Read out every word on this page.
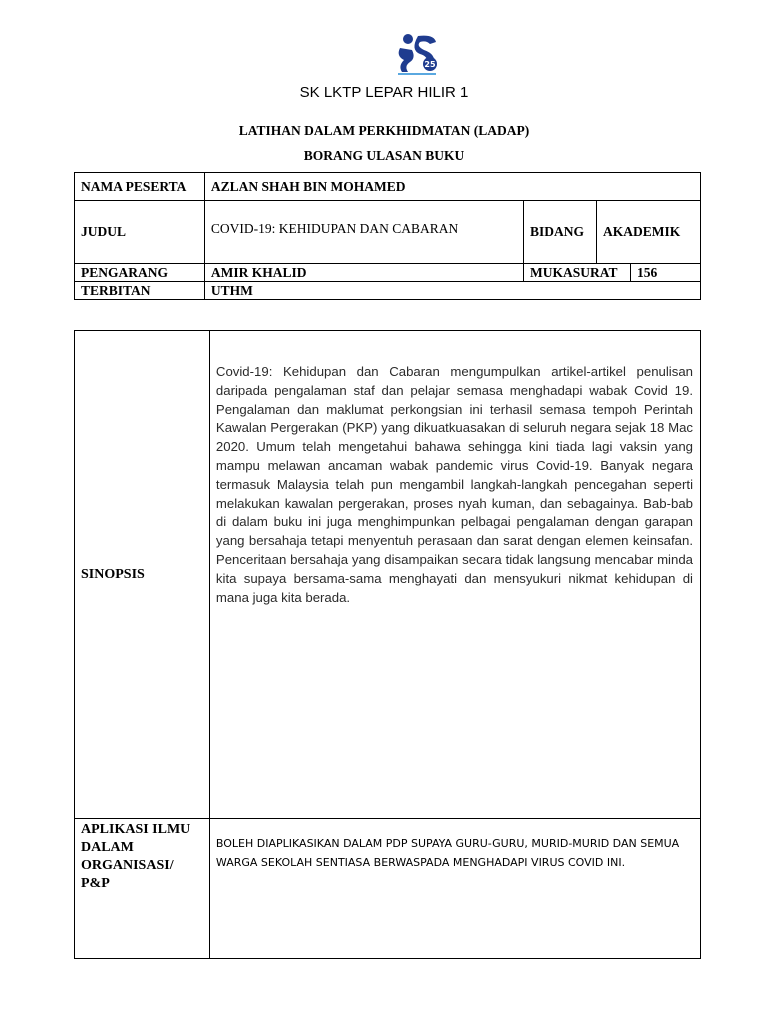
25
SK LKTP LEPAR HILIR 1
LATIHAN DALAM PERKHIDMATAN (LADAP)
BORANG ULASAN BUKU
NAMA PESERTA	AZLAN SHAH BIN MOHAMED			
JUDUL	COVID-19: KEHIDUPAN DAN CABARAN	BIDANG	AKADEMIK	
PENGARANG	AMIR KHALID	MUKASURAT		156
TERBITAN	UTHM			
SINOPSIS	Covid-19: Kehidupan dan Cabaran mengumpulkan artikel-artikel penulisan daripada pengalaman staf dan pelajar semasa menghadapi wabak Covid 19. Pengalaman dan maklumat perkongsian ini terhasil semasa tempoh Perintah Kawalan Pergerakan (PKP) yang dikuatkuasakan di seluruh negara sejak 18 Mac 2020. Umum telah mengetahui bahawa sehingga kini tiada lagi vaksin yang mampu melawan ancaman wabak pandemic virus Covid-19. Banyak negara termasuk Malaysia telah pun mengambil langkah-langkah pencegahan seperti melakukan kawalan pergerakan, proses nyah kuman, dan sebagainya. Bab-bab di dalam buku ini juga menghimpunkan pelbagai pengalaman dengan garapan yang bersahaja tetapi menyentuh perasaan dan sarat dengan elemen keinsafan. Penceritaan bersahaja yang disampaikan secara tidak langsung mencabar minda kita supaya bersama-sama menghayati dan mensyukuri nikmat kehidupan di mana juga kita berada.
APLIKASI ILMU DALAM ORGANISASI/ P&P	BOLEH DIAPLIKASIKAN DALAM PDP SUPAYA GURU-GURU, MURID-MURID DAN SEMUA WARGA SEKOLAH SENTIASA BERWASPADA MENGHADAPI VIRUS COVID INI.
